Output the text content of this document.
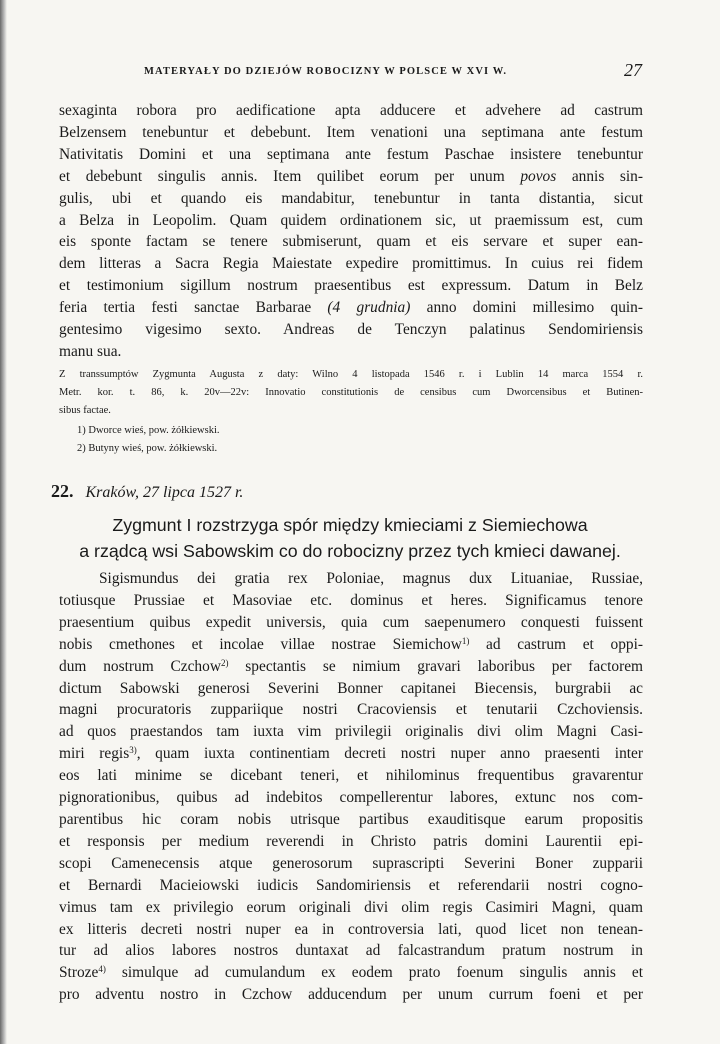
MATERYAŁY DO DZIEJÓW ROBOCIZNY W POLSCE W XVI W.	27
sexaginta robora pro aedificatione apta adducere et advehere ad castrum
Belzensem tenebuntur et debebunt. Item venationi una septimana ante festum
Nativitatis Domini et una septimana ante festum Paschae insistere tenebuntur
et debebunt singulis annis. Item quilibet eorum per unum povos annis sin-
gulis, ubi et quando eis mandabitur, tenebuntur in tanta distantia, sicut
a Belza in Leopolim. Quam quidem ordinationem sic, ut praemissum est, cum
eis sponte factam se tenere submiserunt, quam et eis servare et super ean-
dem litteras a Sacra Regia Maiestate expedire promittimus. In cuius rei fidem
et testimonium sigillum nostrum praesentibus est expressum. Datum in Belz
feria tertia festi sanctae Barbarae (4 grudnia) anno domini millesimo quin-
gentesimo vigesimo sexto. Andreas de Tenczyn palatinus Sendomiriensis
manu sua.
Z transsumptów Zygmunta Augusta z daty: Wilno 4 listopada 1546 r. i Lublin 14 marca 1554 r.
Metr. kor. t. 86, k. 20v—22v: Innovatio constitutionis de censibus cum Dworcensibus et Butinen-
sibus factae.
1) Dworce wieś, pow. żółkiewski.
2) Butyny wieś, pow. żółkiewski.
22. Kraków, 27 lipca 1527 r.
Zygmunt I rozstrzyga spór między kmieciami z Siemiechowa
a rządcą wsi Sabowskim co do robocizny przez tych kmieci dawanej.
Sigismundus dei gratia rex Poloniae, magnus dux Lituaniae, Russiae,
totiusque Prussiae et Masoviae etc. dominus et heres. Significamus tenore
praesentium quibus expedit universis, quia cum saepenumero conquesti fuissent
nobis cmethones et incolae villae nostrae Siemichow$^{1)}$ ad castrum et oppi-
dum nostrum Czchow$^{2)}$ spectantis se nimium gravari laboribus per factorem
dictum Sabowski generosi Severini Bonner capitanei Biecensis, burgrabii ac
magni procuratoris zuppariique nostri Cracoviensis et tenutarii Czchoviensis.
ad quos praestandos tam iuxta vim privilegii originalis divi olim Magni Casi-
miri regis$^{3)}$, quam iuxta continentiam decreti nostri nuper anno praesenti inter
eos lati minime se dicebant teneri, et nihilominus frequentibus gravarentur
pignorationibus, quibus ad indebitos compellerentur labores, extunc nos com-
parentibus hic coram nobis utrisque partibus exauditisque earum propositis
et responsis per medium reverendi in Christo patris domini Laurentii epi-
scopi Camenecensis atque generosorum suprascripti Severini Boner zupparii
et Bernardi Macieiowski iudicis Sandomiriensis et referendarii nostri cogno-
vimus tam ex privilegio eorum originali divi olim regis Casimiri Magni, quam
ex litteris decreti nostri nuper ea in controversia lati, quod licet non tenean-
tur ad alios labores nostros duntaxat ad falcastrandum pratum nostrum in
Stroze$^{4)}$ simulque ad cumulandum ex eodem prato foenum singulis annis et
pro adventu nostro in Czchow adducendum per unum currum foeni et per
